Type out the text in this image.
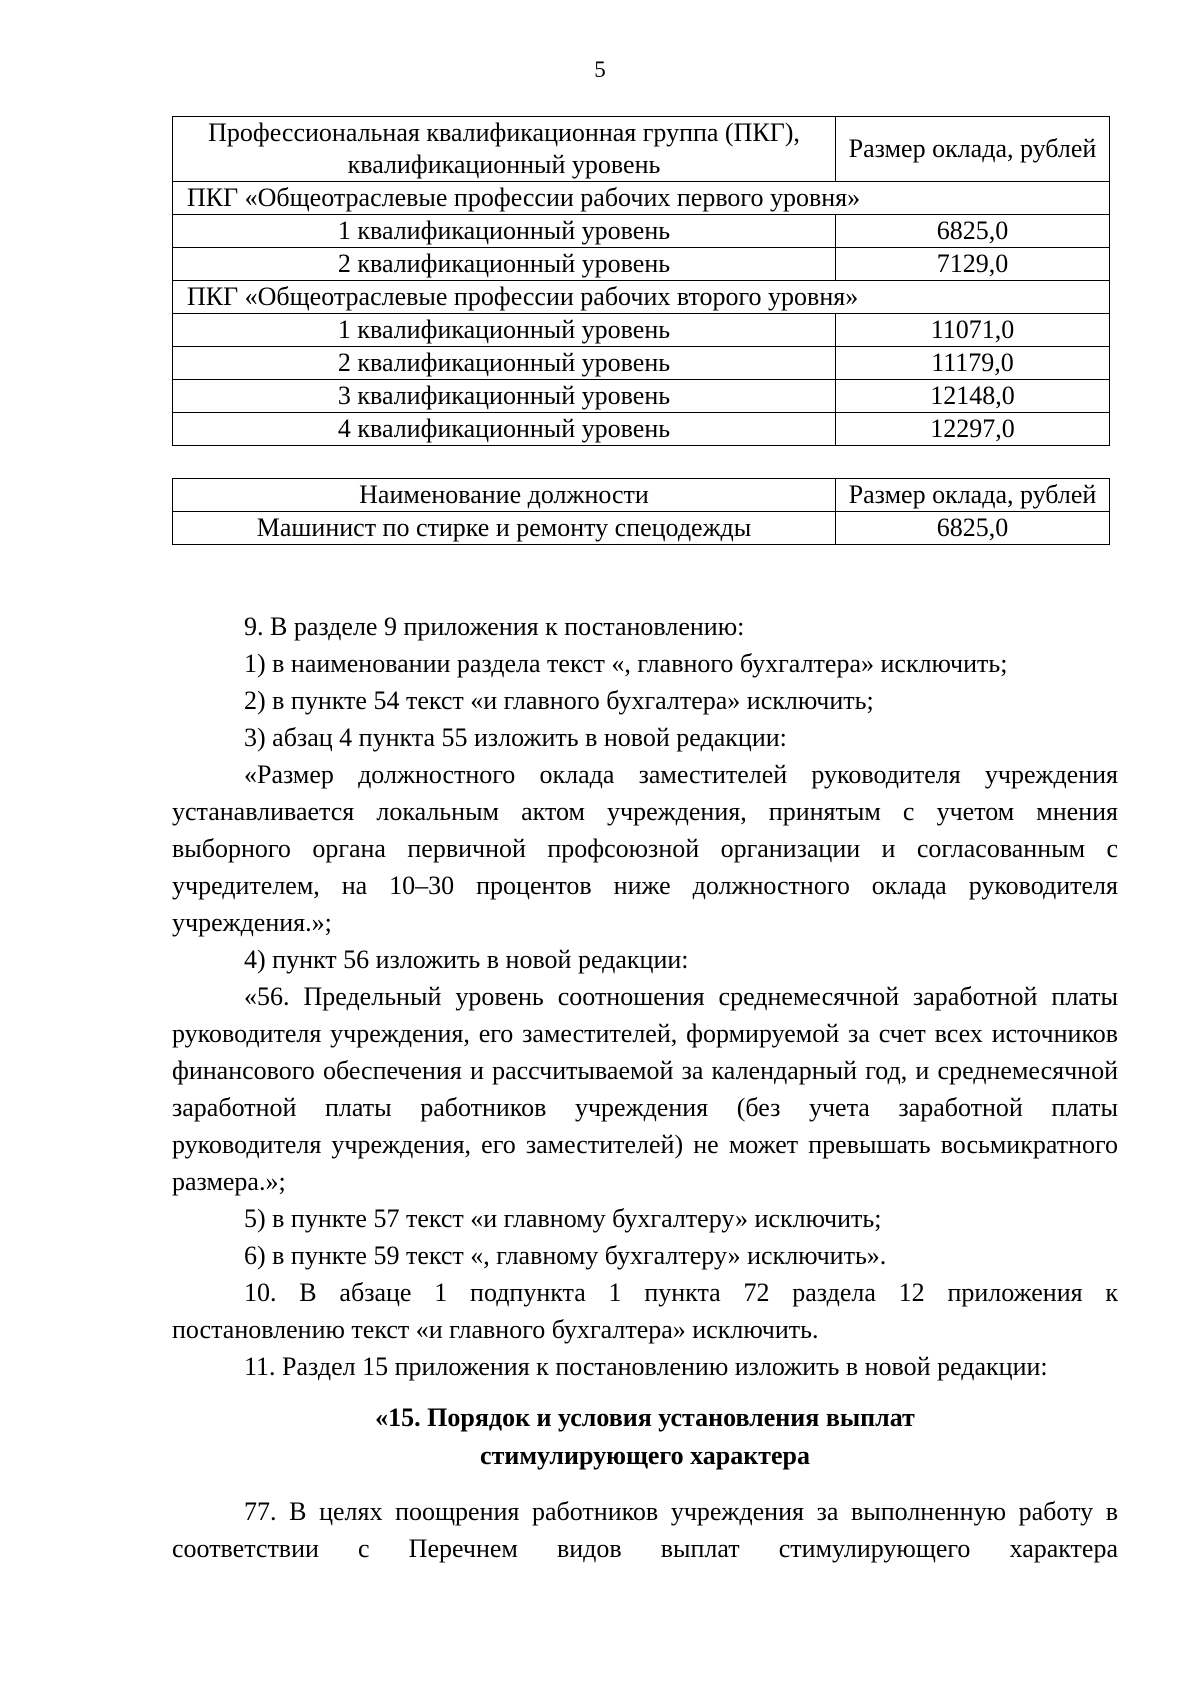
5
Профессиональная квалификационная группа (ПКГ), квалификационный уровень	Размер оклада, рублей
ПКГ «Общеотраслевые профессии рабочих первого уровня»	
1 квалификационный уровень	6825,0
2 квалификационный уровень	7129,0
ПКГ «Общеотраслевые профессии рабочих второго уровня»	
1 квалификационный уровень	11071,0
2 квалификационный уровень	11179,0
3 квалификационный уровень	12148,0
4 квалификационный уровень	12297,0
Наименование должности	Размер оклада, рублей
Машинист по стирке и ремонту спецодежды	6825,0

9. В разделе 9 приложения к постановлению:

1) в наименовании раздела текст «, главного бухгалтера» исключить;

2) в пункте 54 текст «и главного бухгалтера» исключить;

3) абзац 4 пункта 55 изложить в новой редакции:

«Размер должностного оклада заместителей руководителя учреждения устанавливается локальным актом учреждения, принятым с учетом мнения выборного органа первичной профсоюзной организации и согласованным с учредителем, на 10–30 процентов ниже должностного оклада руководителя учреждения.»;

4) пункт 56 изложить в новой редакции:

«56. Предельный уровень соотношения среднемесячной заработной платы руководителя учреждения, его заместителей, формируемой за счет всех источников финансового обеспечения и рассчитываемой за календарный год, и среднемесячной заработной платы работников учреждения (без учета заработной платы руководителя учреждения, его заместителей) не может превышать восьмикратного размера.»;

5) в пункте 57 текст «и главному бухгалтеру» исключить;

6) в пункте 59 текст «, главному бухгалтеру» исключить».

10. В абзаце 1 подпункта 1 пункта 72 раздела 12 приложения к постановлению текст «и главного бухгалтера» исключить.

11. Раздел 15 приложения к постановлению изложить в новой редакции:

«15. Порядок и условия установления выплат
стимулирующего характера

77. В целях поощрения работников учреждения за выполненную работу в соответствии с Перечнем видов выплат стимулирующего характера
